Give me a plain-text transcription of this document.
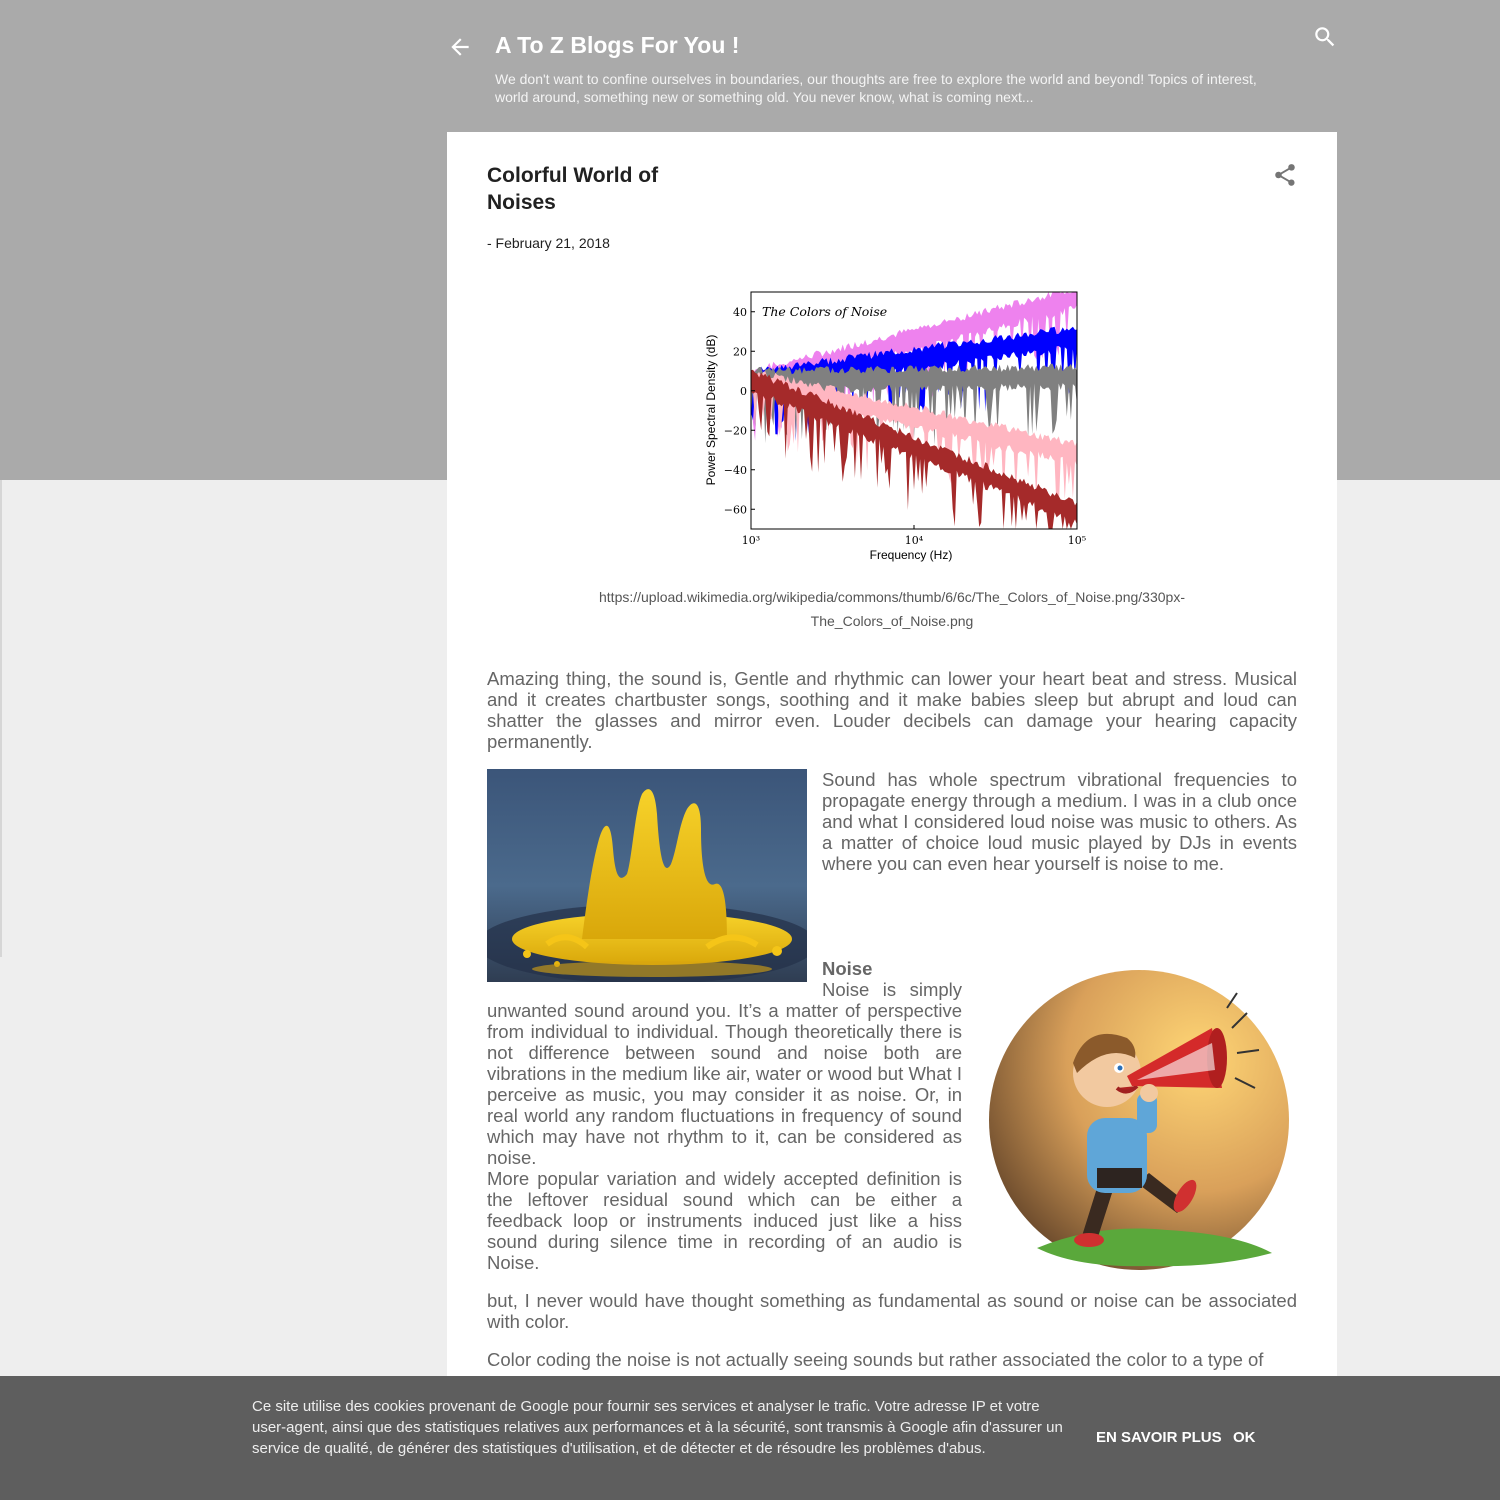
A To Z Blogs For You !
We don't want to confine ourselves in boundaries, our thoughts are free to explore the world and beyond! Topics of interest, world around, something new or something old. You never know, what is coming next...
Colorful World of Noises
- February 21, 2018
40
20
0
−20
−40
−60
10³	10⁴	10⁵
The Colors of Noise
Frequency (Hz)
Power Spectral Density (dB)
https://upload.wikimedia.org/wikipedia/commons/thumb/6/6c/The_Colors_of_Noise.png/330px-The_Colors_of_Noise.png

Amazing thing, the sound is, Gentle and rhythmic can lower your heart beat and stress. Musical and it creates chartbuster songs, soothing and it make babies sleep but abrupt and loud can shatter the glasses and mirror even. Louder decibels can damage your hearing capacity permanently.

Sound has whole spectrum vibrational frequencies to propagate energy through a medium. I was in a club once and what I considered loud noise was music to others. As a matter of choice loud music played by DJs in events where you can even hear yourself is noise to me.

Noise
Noise is simply unwanted sound around you. It’s a matter of perspective from individual to individual. Though theoretically there is not difference between sound and noise both are vibrations in the medium like air, water or wood but What I perceive as music, you may consider it as noise. Or, in real world any random fluctuations in frequency of sound which may have not rhythm to it, can be considered as noise.
More popular variation and widely accepted definition is the leftover residual sound which can be either a feedback loop or instruments induced just like a hiss sound during silence time in recording of an audio is Noise.

but, I never would have thought something as fundamental as sound or noise can be associated with color.

Color coding the noise is not actually seeing sounds but rather associated the color to a type of

Ce site utilise des cookies provenant de Google pour fournir ses services et analyser le trafic. Votre adresse IP et votre user-agent, ainsi que des statistiques relatives aux performances et à la sécurité, sont transmis à Google afin d'assurer un service de qualité, de générer des statistiques d'utilisation, et de détecter et de résoudre les problèmes d'abus.
EN SAVOIR PLUS OK
